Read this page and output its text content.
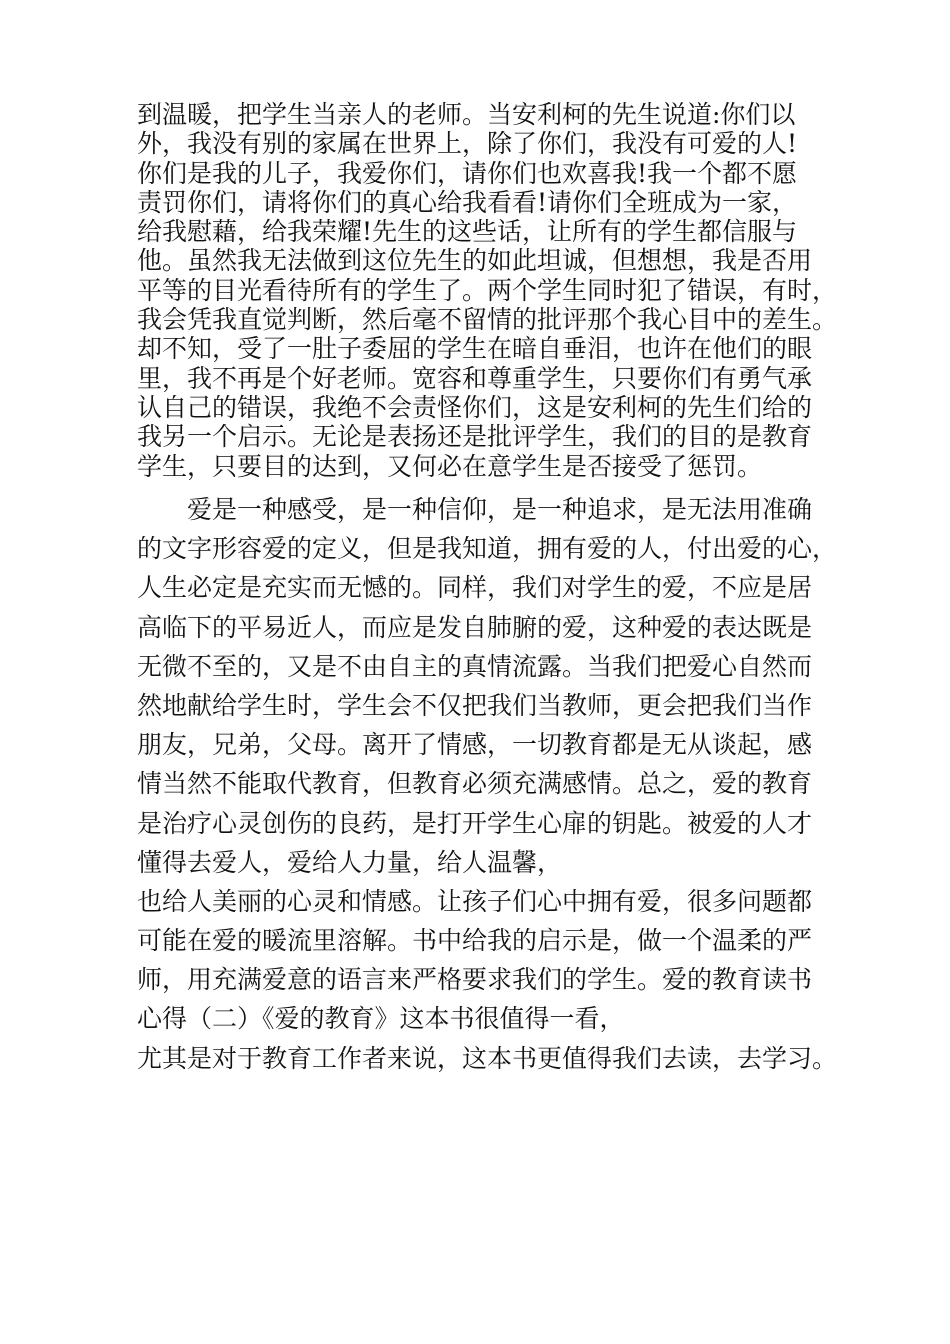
到温暖，把学生当亲人的老师。当安利柯的先生说道:你们以
外，我没有别的家属在世界上，除了你们，我没有可爱的人!
你们是我的儿子，我爱你们，请你们也欢喜我!我一个都不愿
责罚你们，请将你们的真心给我看看!请你们全班成为一家，
给我慰藉，给我荣耀!先生的这些话，让所有的学生都信服与
他。虽然我无法做到这位先生的如此坦诚，但想想，我是否用
平等的目光看待所有的学生了。两个学生同时犯了错误，有时，
我会凭我直觉判断，然后毫不留情的批评那个我心目中的差生。
却不知，受了一肚子委屈的学生在暗自垂泪，也许在他们的眼
里，我不再是个好老师。宽容和尊重学生，只要你们有勇气承
认自己的错误，我绝不会责怪你们，这是安利柯的先生们给的
我另一个启示。无论是表扬还是批评学生，我们的目的是教育
学生，只要目的达到，又何必在意学生是否接受了惩罚。
　　爱是一种感受，是一种信仰，是一种追求，是无法用准确
的文字形容爱的定义，但是我知道，拥有爱的人，付出爱的心，
人生必定是充实而无憾的。同样，我们对学生的爱，不应是居
高临下的平易近人，而应是发自肺腑的爱，这种爱的表达既是
无微不至的，又是不由自主的真情流露。当我们把爱心自然而
然地献给学生时，学生会不仅把我们当教师，更会把我们当作
朋友，兄弟，父母。离开了情感，一切教育都是无从谈起，感
情当然不能取代教育，但教育必须充满感情。总之，爱的教育
是治疗心灵创伤的良药，是打开学生心扉的钥匙。被爱的人才
懂得去爱人，爱给人力量，给人温馨，
也给人美丽的心灵和情感。让孩子们心中拥有爱，很多问题都
可能在爱的暖流里溶解。书中给我的启示是，做一个温柔的严
师，用充满爱意的语言来严格要求我们的学生。爱的教育读书
心得（二）《爱的教育》这本书很值得一看，
尤其是对于教育工作者来说，这本书更值得我们去读，去学习。
